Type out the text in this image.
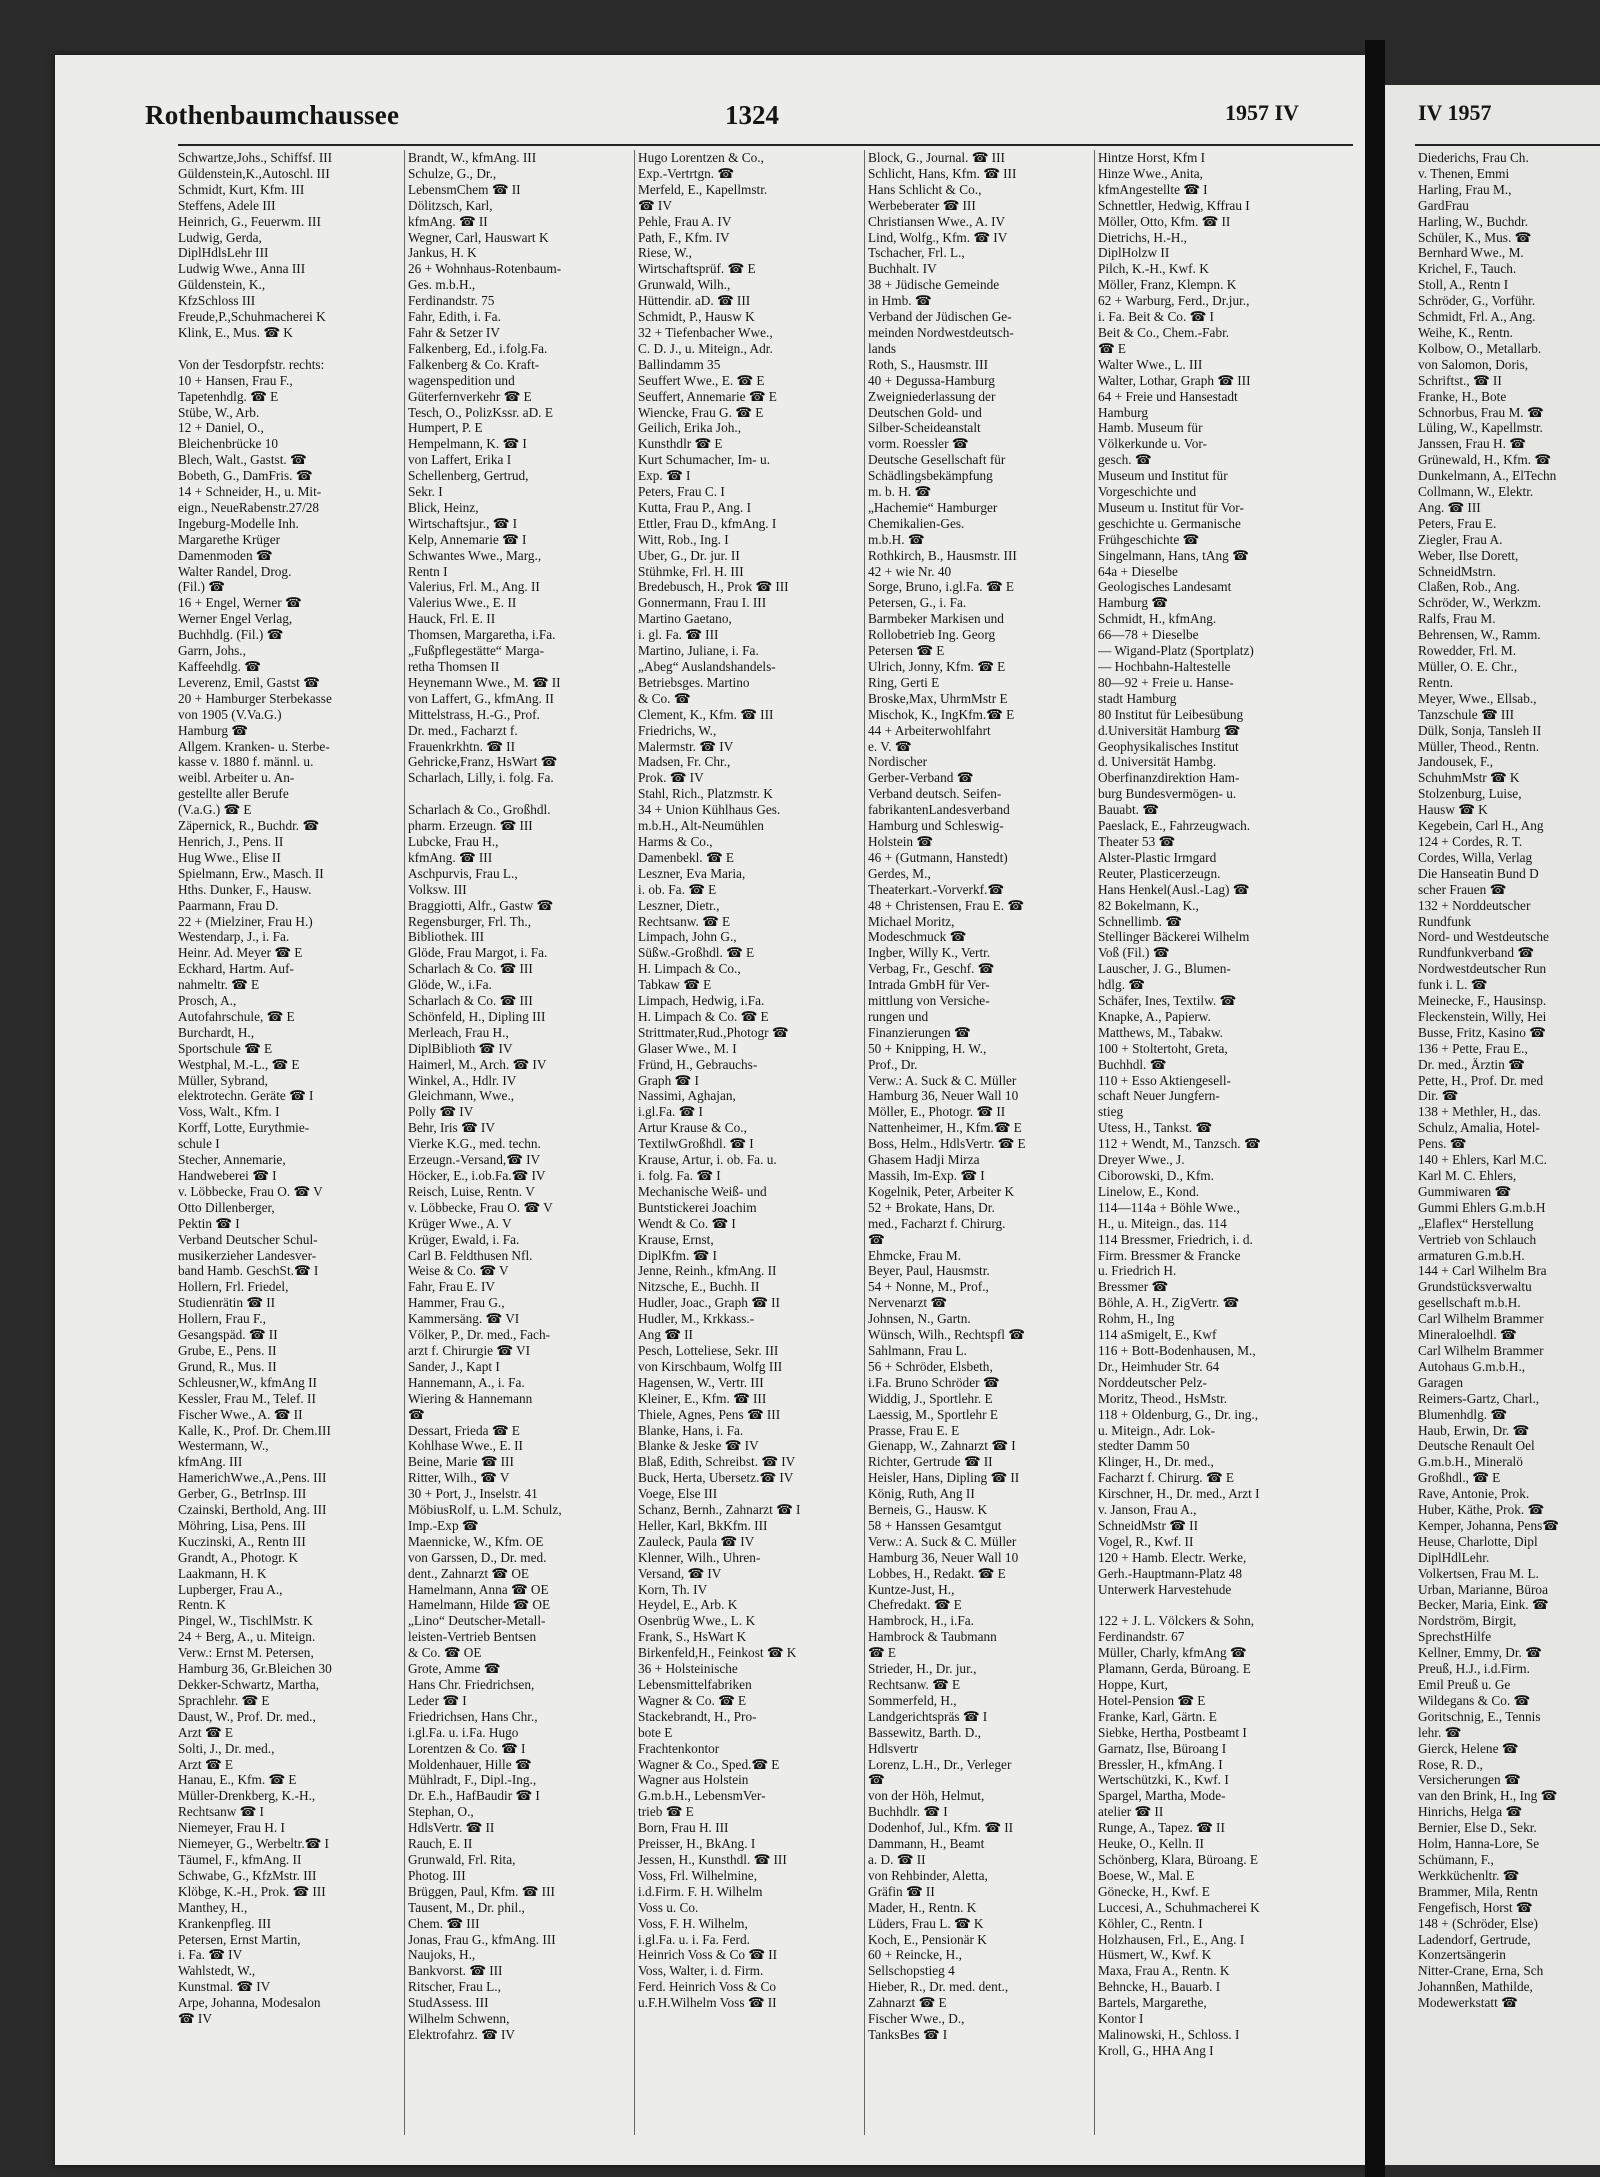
Rothenbaumchaussee	1324	1957 IV	IV 1957
Schwartze,Johs., Schiffsf. III
Güldenstein,K.,Autoschl. III
Schmidt, Kurt, Kfm. III
Steffens, Adele III
Heinrich, G., Feuerwm. III
Ludwig, Gerda,
DiplHdlsLehr III
Ludwig Wwe., Anna III
Güldenstein, K.,
KfzSchloss III
Freude,P.,Schuhmacherei K
Klink, E., Mus. ☎ K

Von der Tesdorpfstr. rechts:
10 + Hansen, Frau F.,
Tapetenhdlg. ☎ E
Stübe, W., Arb.
12 + Daniel, O.,
Bleichenbrücke 10
Blech, Walt., Gastst. ☎
Bobeth, G., DamFris. ☎
14 + Schneider, H., u. Mit-
eign., NeueRabenstr.27/28
Ingeburg-Modelle Inh.
Margarethe Krüger
Damenmoden ☎
Walter Randel, Drog.
(Fil.) ☎
16 + Engel, Werner ☎
Werner Engel Verlag,
Buchhdlg. (Fil.) ☎
Garrn, Johs.,
Kaffeehdlg. ☎
Leverenz, Emil, Gastst ☎
20 + Hamburger Sterbekasse
von 1905 (V.Va.G.)
Hamburg ☎
Allgem. Kranken- u. Sterbe-
kasse v. 1880 f. männl. u.
weibl. Arbeiter u. An-
gestellte aller Berufe
(V.a.G.) ☎ E
Zäpernick, R., Buchdr. ☎
Henrich, J., Pens. II
Hug Wwe., Elise II
Spielmann, Erw., Masch. II
Hths. Dunker, F., Hausw.
Paarmann, Frau D.
22 + (Mielziner, Frau H.)
Westendarp, J., i. Fa.
Heinr. Ad. Meyer ☎ E
Eckhard, Hartm. Auf-
nahmeltr. ☎ E
Prosch, A.,
Autofahrschule, ☎ E
Burchardt, H.,
Sportschule ☎ E
Westphal, M.-L., ☎ E
Müller, Sybrand,
elektrotechn. Geräte ☎ I
Voss, Walt., Kfm. I
Korff, Lotte, Eurythmie-
schule I
Stecher, Annemarie,
Handweberei ☎ I
v. Löbbecke, Frau O. ☎ V
Otto Dillenberger,
Pektin ☎ I
Verband Deutscher Schul-
musikerzieher Landesver-
band Hamb. GeschSt.☎ I
Hollern, Frl. Friedel,
Studienrätin ☎ II
Hollern, Frau F.,
Gesangspäd. ☎ II
Grube, E., Pens. II
Grund, R., Mus. II
Schleusner,W., kfmAng II
Kessler, Frau M., Telef. II
Fischer Wwe., A. ☎ II
Kalle, K., Prof. Dr. Chem.III
Westermann, W.,
kfmAng. III
HamerichWwe.,A.,Pens. III
Gerber, G., BetrInsp. III
Czainski, Berthold, Ang. III
Möhring, Lisa, Pens. III
Kuczinski, A., Rentn III
Grandt, A., Photogr. K
Laakmann, H. K
Lupberger, Frau A.,
Rentn. K
Pingel, W., TischlMstr. K
24 + Berg, A., u. Miteign.
Verw.: Ernst M. Petersen,
Hamburg 36, Gr.Bleichen 30
Dekker-Schwartz, Martha,
Sprachlehr. ☎ E
Daust, W., Prof. Dr. med.,
Arzt ☎ E
Solti, J., Dr. med.,
Arzt ☎ E
Hanau, E., Kfm. ☎ E
Müller-Drenkberg, K.-H.,
Rechtsanw ☎ I
Niemeyer, Frau H. I
Niemeyer, G., Werbeltr.☎ I
Täumel, F., kfmAng. II
Schwabe, G., KfzMstr. III
Klöbge, K.-H., Prok. ☎ III
Manthey, H.,
Krankenpfleg. III
Petersen, Ernst Martin,
i. Fa. ☎ IV
Wahlstedt, W.,
Kunstmal. ☎ IV
Arpe, Johanna, Modesalon
☎ IV
Brandt, W., kfmAng. III
Schulze, G., Dr.,
LebensmChem ☎ II
Dölitzsch, Karl,
kfmAng. ☎ II
Wegner, Carl, Hauswart K
Jankus, H. K
26 + Wohnhaus-Rotenbaum-
Ges. m.b.H.,
Ferdinandstr. 75
Fahr, Edith, i. Fa.
Fahr & Setzer IV
Falkenberg, Ed., i.folg.Fa.
Falkenberg & Co. Kraft-
wagenspedition und
Güterfernverkehr ☎ E
Tesch, O., PolizKssr. aD. E
Humpert, P. E
Hempelmann, K. ☎ I
von Laffert, Erika I
Schellenberg, Gertrud,
Sekr. I
Blick, Heinz,
Wirtschaftsjur., ☎ I
Kelp, Annemarie ☎ I
Schwantes Wwe., Marg.,
Rentn I
Valerius, Frl. M., Ang. II
Valerius Wwe., E. II
Hauck, Frl. E. II
Thomsen, Margaretha, i.Fa.
„Fußpflegestätte“ Marga-
retha Thomsen II
Heynemann Wwe., M. ☎ II
von Laffert, G., kfmAng. II
Mittelstrass, H.-G., Prof.
Dr. med., Facharzt f.
Frauenkrkhtn. ☎ II
Gehricke,Franz, HsWart ☎
Scharlach, Lilly, i. folg. Fa.

Scharlach & Co., Großhdl.
pharm. Erzeugn. ☎ III
Lubcke, Frau H.,
kfmAng. ☎ III
Aschpurvis, Frau L.,
Volksw. III
Braggiotti, Alfr., Gastw ☎
Regensburger, Frl. Th.,
Bibliothek. III
Glöde, Frau Margot, i. Fa.
Scharlach & Co. ☎ III
Glöde, W., i.Fa.
Scharlach & Co. ☎ III
Schönfeld, H., Dipling III
Merleach, Frau H.,
DiplBiblioth ☎ IV
Haimerl, M., Arch. ☎ IV
Winkel, A., Hdlr. IV
Gleichmann, Wwe.,
Polly ☎ IV
Behr, Iris ☎ IV
Vierke K.G., med. techn.
Erzeugn.-Versand,☎ IV
Höcker, E., i.ob.Fa.☎ IV
Reisch, Luise, Rentn. V
v. Löbbecke, Frau O. ☎ V
Krüger Wwe., A. V
Krüger, Ewald, i. Fa.
Carl B. Feldthusen Nfl.
Weise & Co. ☎ V
Fahr, Frau E. IV
Hammer, Frau G.,
Kammersäng. ☎ VI
Völker, P., Dr. med., Fach-
arzt f. Chirurgie ☎ VI
Sander, J., Kapt I
Hannemann, A., i. Fa.
Wiering & Hannemann
☎
Dessart, Frieda ☎ E
Kohlhase Wwe., E. II
Beine, Marie ☎ III
Ritter, Wilh., ☎ V
30 + Port, J., Inselstr. 41
MöbiusRolf, u. L.M. Schulz,
Imp.-Exp ☎
Maennicke, W., Kfm. OE
von Garssen, D., Dr. med.
dent., Zahnarzt ☎ OE
Hamelmann, Anna ☎ OE
Hamelmann, Hilde ☎ OE
„Lino“ Deutscher-Metall-
leisten-Vertrieb Bentsen
& Co. ☎ OE
Grote, Amme ☎
Hans Chr. Friedrichsen,
Leder ☎ I
Friedrichsen, Hans Chr.,
i.gl.Fa. u. i.Fa. Hugo
Lorentzen & Co. ☎ I
Moldenhauer, Hille ☎
Mühlradt, F., Dipl.-Ing.,
Dr. E.h., HafBaudir ☎ I
Stephan, O.,
HdlsVertr. ☎ II
Rauch, E. II
Grunwald, Frl. Rita,
Photog. III
Brüggen, Paul, Kfm. ☎ III
Tausent, M., Dr. phil.,
Chem. ☎ III
Jonas, Frau G., kfmAng. III
Naujoks, H.,
Bankvorst. ☎ III
Ritscher, Frau L.,
StudAssess. III
Wilhelm Schwenn,
Elektrofahrz. ☎ IV
Hugo Lorentzen & Co.,
Exp.-Vertrtgn. ☎
Merfeld, E., Kapellmstr.
☎ IV
Pehle, Frau A. IV
Path, F., Kfm. IV
Riese, W.,
Wirtschaftsprüf. ☎ E
Grunwald, Wilh.,
Hüttendir. aD. ☎ III
Schmidt, P., Hausw K
32 + Tiefenbacher Wwe.,
C. D. J., u. Miteign., Adr.
Ballindamm 35
Seuffert Wwe., E. ☎ E
Seuffert, Annemarie ☎ E
Wiencke, Frau G. ☎ E
Geilich, Erika Joh.,
Kunsthdlr ☎ E
Kurt Schumacher, Im- u.
Exp. ☎ I
Peters, Frau C. I
Kutta, Frau P., Ang. I
Ettler, Frau D., kfmAng. I
Witt, Rob., Ing. I
Uber, G., Dr. jur. II
Stühmke, Frl. H. III
Bredebusch, H., Prok ☎ III
Gonnermann, Frau I. III
Martino Gaetano,
i. gl. Fa. ☎ III
Martino, Juliane, i. Fa.
„Abeg“ Auslandshandels-
Betriebsges. Martino
& Co. ☎
Clement, K., Kfm. ☎ III
Friedrichs, W.,
Malermstr. ☎ IV
Madsen, Fr. Chr.,
Prok. ☎ IV
Stahl, Rich., Platzmstr. K
34 + Union Kühlhaus Ges.
m.b.H., Alt-Neumühlen
Harms & Co.,
Damenbekl. ☎ E
Leszner, Eva Maria,
i. ob. Fa. ☎ E
Leszner, Dietr.,
Rechtsanw. ☎ E
Limpach, John G.,
Süßw.-Großhdl. ☎ E
H. Limpach & Co.,
Tabkaw ☎ E
Limpach, Hedwig, i.Fa.
H. Limpach & Co. ☎ E
Strittmater,Rud.,Photogr ☎
Glaser Wwe., M. I
Fründ, H., Gebrauchs-
Graph ☎ I
Nassimi, Aghajan,
i.gl.Fa. ☎ I
Artur Krause & Co.,
TextilwGroßhdl. ☎ I
Krause, Artur, i. ob. Fa. u.
i. folg. Fa. ☎ I
Mechanische Weiß- und
Buntstickerei Joachim
Wendt & Co. ☎ I
Krause, Ernst,
DiplKfm. ☎ I
Jenne, Reinh., kfmAng. II
Nitzsche, E., Buchh. II
Hudler, Joac., Graph ☎ II
Hudler, M., Krkkass.-
Ang ☎ II
Pesch, Lotteliese, Sekr. III
von Kirschbaum, Wolfg III
Hagensen, W., Vertr. III
Kleiner, E., Kfm. ☎ III
Thiele, Agnes, Pens ☎ III
Blanke, Hans, i. Fa.
Blanke & Jeske ☎ IV
Blaß, Edith, Schreibst. ☎ IV
Buck, Herta, Ubersetz.☎ IV
Voege, Else III
Schanz, Bernh., Zahnarzt ☎ I
Heller, Karl, BkKfm. III
Zauleck, Paula ☎ IV
Klenner, Wilh., Uhren-
Versand, ☎ IV
Korn, Th. IV
Heydel, E., Arb. K
Osenbrüg Wwe., L. K
Frank, S., HsWart K
Birkenfeld,H., Feinkost ☎ K
36 + Holsteinische
Lebensmittelfabriken
Wagner & Co. ☎ E
Stackebrandt, H., Pro-
bote E
Frachtenkontor
Wagner & Co., Sped.☎ E
Wagner aus Holstein
G.m.b.H., LebensmVer-
trieb ☎ E
Born, Frau H. III
Preisser, H., BkAng. I
Jessen, H., Kunsthdl. ☎ III
Voss, Frl. Wilhelmine,
i.d.Firm. F. H. Wilhelm
Voss u. Co.
Voss, F. H. Wilhelm,
i.gl.Fa. u. i. Fa. Ferd.
Heinrich Voss & Co ☎ II
Voss, Walter, i. d. Firm.
Ferd. Heinrich Voss & Co
u.F.H.Wilhelm Voss ☎ II
Block, G., Journal. ☎ III
Schlicht, Hans, Kfm. ☎ III
Hans Schlicht & Co.,
Werbeberater ☎ III
Christiansen Wwe., A. IV
Lind, Wolfg., Kfm. ☎ IV
Tschacher, Frl. L.,
Buchhalt. IV
38 + Jüdische Gemeinde
in Hmb. ☎
Verband der Jüdischen Ge-
meinden Nordwestdeutsch-
lands
Roth, S., Hausmstr. III
40 + Degussa-Hamburg
Zweigniederlassung der
Deutschen Gold- und
Silber-Scheideanstalt
vorm. Roessler ☎
Deutsche Gesellschaft für
Schädlingsbekämpfung
m. b. H. ☎
„Hachemie“ Hamburger
Chemikalien-Ges.
m.b.H. ☎
Rothkirch, B., Hausmstr. III
42 + wie Nr. 40
Sorge, Bruno, i.gl.Fa. ☎ E
Petersen, G., i. Fa.
Barmbeker Markisen und
Rollobetrieb Ing. Georg
Petersen ☎ E
Ulrich, Jonny, Kfm. ☎ E
Ring, Gerti E
Broske,Max, UhrmMstr E
Mischok, K., IngKfm.☎ E
44 + Arbeiterwohlfahrt
e. V. ☎
Nordischer
Gerber-Verband ☎
Verband deutsch. Seifen-
fabrikantenLandesverband
Hamburg und Schleswig-
Holstein ☎
46 + (Gutmann, Hanstedt)
Gerdes, M.,
Theaterkart.-Vorverkf.☎
48 + Christensen, Frau E. ☎
Michael Moritz,
Modeschmuck ☎
Ingber, Willy K., Vertr.
Verbag, Fr., Geschf. ☎
Intrada GmbH für Ver-
mittlung von Versiche-
rungen und
Finanzierungen ☎
50 + Knipping, H. W.,
Prof., Dr.
Verw.: A. Suck & C. Müller
Hamburg 36, Neuer Wall 10
Möller, E., Photogr. ☎ II
Nattenheimer, H., Kfm.☎ E
Boss, Helm., HdlsVertr. ☎ E
Ghasem Hadji Mirza
Massih, Im-Exp. ☎ I
Kogelnik, Peter, Arbeiter K
52 + Brokate, Hans, Dr.
med., Facharzt f. Chirurg.
☎
Ehmcke, Frau M.
Beyer, Paul, Hausmstr.
54 + Nonne, M., Prof.,
Nervenarzt ☎
Johnsen, N., Gartn.
Wünsch, Wilh., Rechtspfl ☎
Sahlmann, Frau L.
56 + Schröder, Elsbeth,
i.Fa. Bruno Schröder ☎
Widdig, J., Sportlehr. E
Laessig, M., Sportlehr E
Prasse, Frau E. E
Gienapp, W., Zahnarzt ☎ I
Richter, Gertrude ☎ II
Heisler, Hans, Dipling ☎ II
König, Ruth, Ang II
Berneis, G., Hausw. K
58 + Hanssen Gesamtgut
Verw.: A. Suck & C. Müller
Hamburg 36, Neuer Wall 10
Lobbes, H., Redakt. ☎ E
Kuntze-Just, H.,
Chefredakt. ☎ E
Hambrock, H., i.Fa.
Hambrock & Taubmann
☎ E
Strieder, H., Dr. jur.,
Rechtsanw. ☎ E
Sommerfeld, H.,
Landgerichtspräs ☎ I
Bassewitz, Barth. D.,
Hdlsvertr
Lorenz, L.H., Dr., Verleger
☎
von der Höh, Helmut,
Buchhdlr. ☎ I
Dodenhof, Jul., Kfm. ☎ II
Dammann, H., Beamt
a. D. ☎ II
von Rehbinder, Aletta,
Gräfin ☎ II
Mader, H., Rentn. K
Lüders, Frau L. ☎ K
Koch, E., Pensionär K
60 + Reincke, H.,
Sellschopstieg 4
Hieber, R., Dr. med. dent.,
Zahnarzt ☎ E
Fischer Wwe., D.,
TanksBes ☎ I
Hintze Horst, Kfm I
Hinze Wwe., Anita,
kfmAngestellte ☎ I
Schnettler, Hedwig, Kffrau I
Möller, Otto, Kfm. ☎ II
Dietrichs, H.-H.,
DiplHolzw II
Pilch, K.-H., Kwf. K
Möller, Franz, Klempn. K
62 + Warburg, Ferd., Dr.jur.,
i. Fa. Beit & Co. ☎ I
Beit & Co., Chem.-Fabr.
☎ E
Walter Wwe., L. III
Walter, Lothar, Graph ☎ III
64 + Freie und Hansestadt
Hamburg
Hamb. Museum für
Völkerkunde u. Vor-
gesch. ☎
Museum und Institut für
Vorgeschichte und
Museum u. Institut für Vor-
geschichte u. Germanische
Frühgeschichte ☎
Singelmann, Hans, tAng ☎
64a + Dieselbe
Geologisches Landesamt
Hamburg ☎
Schmidt, H., kfmAng.
66—78 + Dieselbe
— Wigand-Platz (Sportplatz)
— Hochbahn-Haltestelle
80—92 + Freie u. Hanse-
stadt Hamburg
80 Institut für Leibesübung
d.Universität Hamburg ☎
Geophysikalisches Institut
d. Universität Hambg.
Oberfinanzdirektion Ham-
burg Bundesvermögen- u.
Bauabt. ☎
Paeslack, E., Fahrzeugwach.
Theater 53 ☎
Alster-Plastic Irmgard
Reuter, Plasticerzeugn.
Hans Henkel(Ausl.-Lag) ☎
82 Bokelmann, K.,
Schnellimb. ☎
Stellinger Bäckerei Wilhelm
Voß (Fil.) ☎
Lauscher, J. G., Blumen-
hdlg. ☎
Schäfer, Ines, Textilw. ☎
Knapke, A., Papierw.
Matthews, M., Tabakw.
100 + Stoltertoht, Greta,
Buchhdl. ☎
110 + Esso Aktiengesell-
schaft Neuer Jungfern-
stieg
Utess, H., Tankst. ☎
112 + Wendt, M., Tanzsch. ☎
Dreyer Wwe., J.
Ciborowski, D., Kfm.
Linelow, E., Kond.
114—114a + Böhle Wwe.,
H., u. Miteign., das. 114
114 Bressmer, Friedrich, i. d.
Firm. Bressmer & Francke
u. Friedrich H.
Bressmer ☎
Böhle, A. H., ZigVertr. ☎
Rohm, H., Ing
114 aSmigelt, E., Kwf
116 + Bott-Bodenhausen, M.,
Dr., Heimhuder Str. 64
Norddeutscher Pelz-
Moritz, Theod., HsMstr.
118 + Oldenburg, G., Dr. ing.,
u. Miteign., Adr. Lok-
stedter Damm 50
Klinger, H., Dr. med.,
Facharzt f. Chirurg. ☎ E
Kirschner, H., Dr. med., Arzt I
v. Janson, Frau A.,
SchneidMstr ☎ II
Vogel, R., Kwf. II
120 + Hamb. Electr. Werke,
Gerh.-Hauptmann-Platz 48
Unterwerk Harvestehude

122 + J. L. Völckers & Sohn,
Ferdinandstr. 67
Müller, Charly, kfmAng ☎
Plamann, Gerda, Büroang. E
Hoppe, Kurt,
Hotel-Pension ☎ E
Franke, Karl, Gärtn. E
Siebke, Hertha, Postbeamt I
Garnatz, Ilse, Büroang I
Bressler, H., kfmAng. I
Wertschützki, K., Kwf. I
Spargel, Martha, Mode-
atelier ☎ II
Runge, A., Tapez. ☎ II
Heuke, O., Kelln. II
Schönberg, Klara, Büroang. E
Boese, W., Mal. E
Gönecke, H., Kwf. E
Luccesi, A., Schuhmacherei K
Köhler, C., Rentn. I
Holzhausen, Frl., E., Ang. I
Hüsmert, W., Kwf. K
Maxa, Frau A., Rentn. K
Behncke, H., Bauarb. I
Bartels, Margarethe,
Kontor I
Malinowski, H., Schloss. I
Kroll, G., HHA Ang I
Diederichs, Frau Ch.
v. Thenen, Emmi
Harling, Frau M.,
GardFrau
Harling, W., Buchdr.
Schüler, K., Mus. ☎
Bernhard Wwe., M.
Krichel, F., Tauch.
Stoll, A., Rentn I
Schröder, G., Vorführ.
Schmidt, Frl. A., Ang.
Weihe, K., Rentn.
Kolbow, O., Metallarb.
von Salomon, Doris,
Schriftst., ☎ II
Franke, H., Bote
Schnorbus, Frau M. ☎
Lüling, W., Kapellmstr.
Janssen, Frau H. ☎
Grünewald, H., Kfm. ☎
Dunkelmann, A., ElTechn
Collmann, W., Elektr.
Ang. ☎ III
Peters, Frau E.
Ziegler, Frau A.
Weber, Ilse Dorett,
SchneidMstrn.
Claßen, Rob., Ang.
Schröder, W., Werkzm.
Ralfs, Frau M.
Behrensen, W., Ramm.
Rowedder, Frl. M.
Müller, O. E. Chr.,
Rentn.
Meyer, Wwe., Ellsab.,
Tanzschule ☎ III
Dülk, Sonja, Tansleh II
Müller, Theod., Rentn.
Jandousek, F.,
SchuhmMstr ☎ K
Stolzenburg, Luise,
Hausw ☎ K
Kegebein, Carl H., Ang
124 + Cordes, R. T.
Cordes, Willa, Verlag
Die Hanseatin Bund D
scher Frauen ☎
132 + Norddeutscher
Rundfunk
Nord- und Westdeutsche
Rundfunkverband ☎
Nordwestdeutscher Run
funk i. L. ☎
Meinecke, F., Hausinsp.
Fleckenstein, Willy, Hei
Busse, Fritz, Kasino ☎
136 + Pette, Frau E.,
Dr. med., Ärztin ☎
Pette, H., Prof. Dr. med
Dir. ☎
138 + Methler, H., das.
Schulz, Amalia, Hotel-
Pens. ☎
140 + Ehlers, Karl M.C.
Karl M. C. Ehlers,
Gummiwaren ☎
Gummi Ehlers G.m.b.H
„Elaflex“ Herstellung
Vertrieb von Schlauch
armaturen G.m.b.H.
144 + Carl Wilhelm Bra
Grundstücksverwaltu
gesellschaft m.b.H.
Carl Wilhelm Brammer
Mineraloelhdl. ☎
Carl Wilhelm Brammer
Autohaus G.m.b.H.,
Garagen
Reimers-Gartz, Charl.,
Blumenhdlg. ☎
Haub, Erwin, Dr. ☎
Deutsche Renault Oel
G.m.b.H., Mineralö
Großhdl., ☎ E
Rave, Antonie, Prok.
Huber, Käthe, Prok. ☎
Kemper, Johanna, Pens☎
Heuse, Charlotte, Dipl
DiplHdlLehr.
Volkertsen, Frau M. L.
Urban, Marianne, Büroa
Becker, Maria, Eink. ☎
Nordström, Birgit,
SprechstHilfe
Kellner, Emmy, Dr. ☎
Preuß, H.J., i.d.Firm.
Emil Preuß u. Ge
Wildegans & Co. ☎
Goritschnig, E., Tennis
lehr. ☎
Gierck, Helene ☎
Rose, R. D.,
Versicherungen ☎
van den Brink, H., Ing ☎
Hinrichs, Helga ☎
Bernier, Else D., Sekr.
Holm, Hanna-Lore, Se
Schümann, F.,
Werkküchenltr. ☎
Brammer, Mila, Rentn
Fengefisch, Horst ☎
148 + (Schröder, Else)
Ladendorf, Gertrude,
Konzertsängerin
Nitter-Crane, Erna, Sch
Johannßen, Mathilde,
Modewerkstatt ☎
